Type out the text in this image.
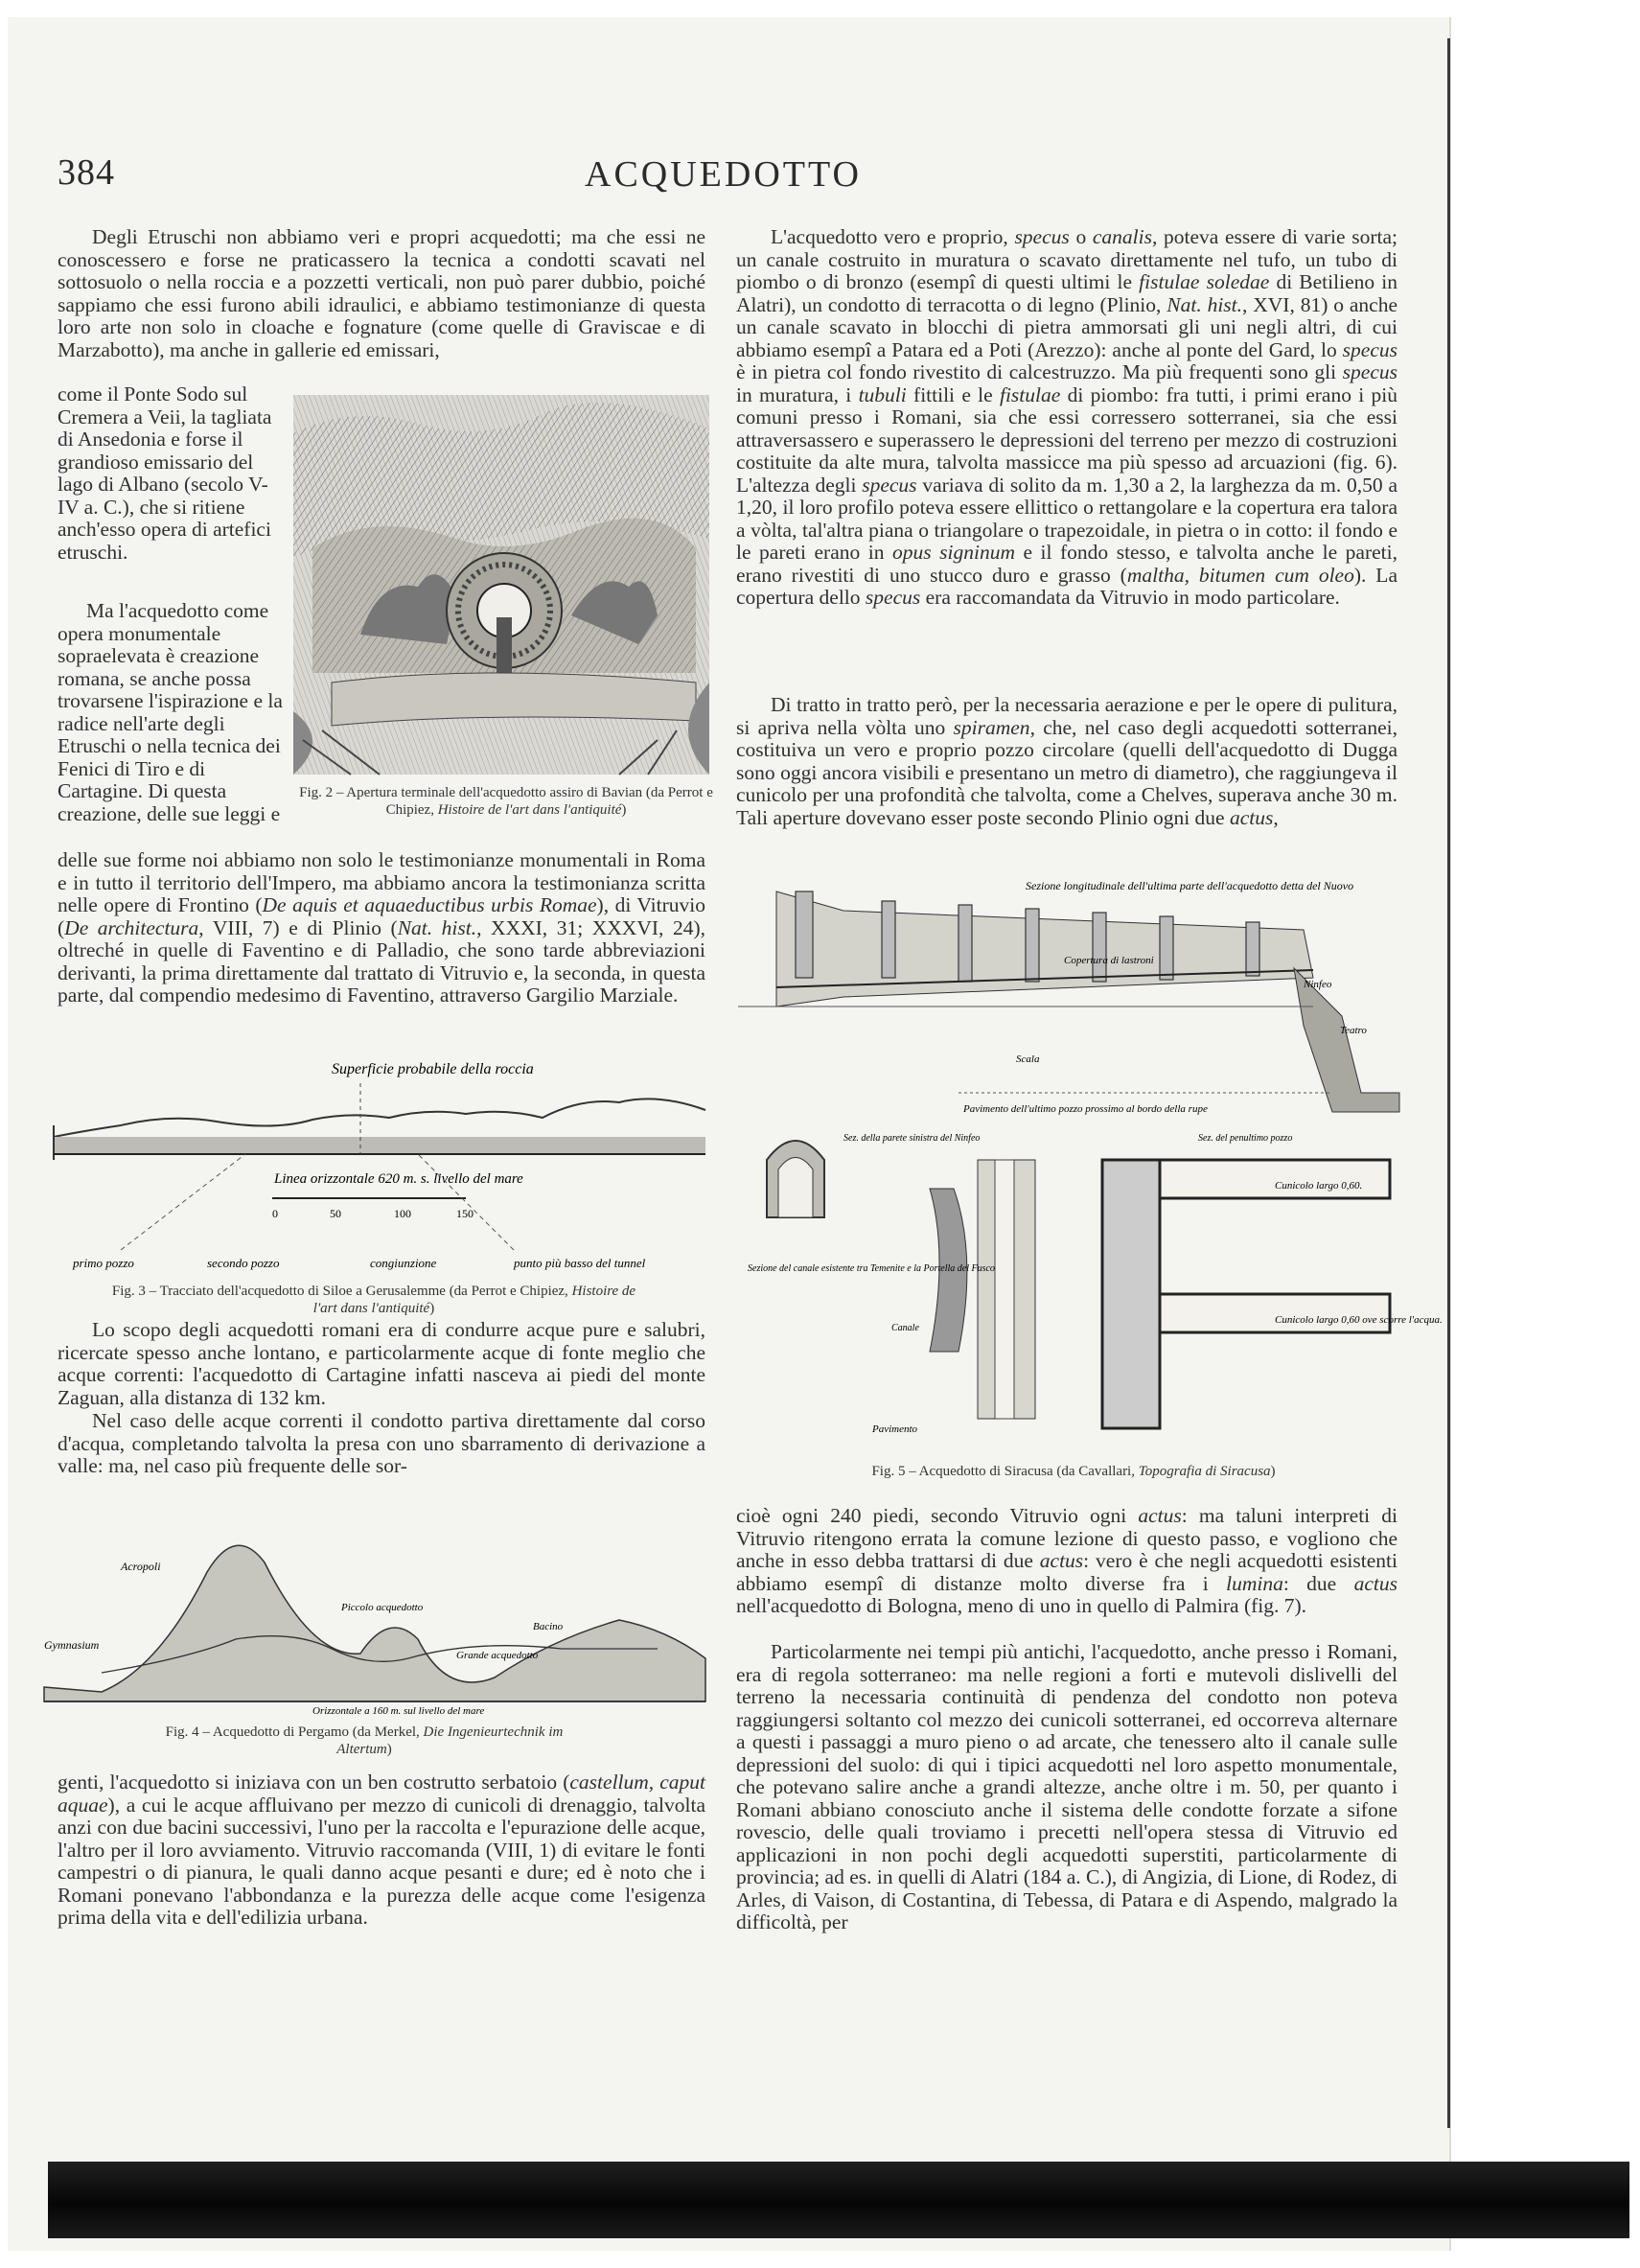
384	ACQUEDOTTO

Degli Etruschi non abbiamo veri e propri acquedotti; ma che essi ne conoscessero e forse ne praticassero la tecnica a condotti scavati nel sottosuolo o nella roccia e a pozzetti verticali, non può parer dubbio, poiché sappiamo che essi furono abili idraulici, e abbiamo testimonianze di questa loro arte non solo in cloache e fognature (come quelle di Graviscae e di Marzabotto), ma anche in gallerie ed emissari,

come il Ponte Sodo sul Cremera a Veii, la tagliata di Ansedonia e forse il grandioso emissario del lago di Albano (secolo V-IV a. C.), che si ritiene anch'esso opera di artefici etruschi.

Ma l'acquedotto come opera monumentale sopraelevata è creazione romana, se anche possa trovarsene l'ispirazione e la radice nell'arte degli Etruschi o nella tecnica dei Fenici di Tiro e di Cartagine. Di questa creazione, delle sue leggi e

delle sue forme noi abbiamo non solo le testimonianze monumentali in Roma e in tutto il territorio dell'Impero, ma abbiamo ancora la testimonianza scritta nelle opere di Frontino (De aquis et aquaeductibus urbis Romae), di Vitruvio (De architectura, VIII, 7) e di Plinio (Nat. hist., XXXI, 31; XXXVI, 24), oltreché in quelle di Faventino e di Palladio, che sono tarde abbreviazioni derivanti, la prima direttamente dal trattato di Vitruvio e, la seconda, in questa parte, dal compendio medesimo di Faventino, attraverso Gargilio Marziale.

Lo scopo degli acquedotti romani era di condurre acque pure e salubri, ricercate spesso anche lontano, e particolarmente acque di fonte meglio che acque correnti: l'acquedotto di Cartagine infatti nasceva ai piedi del monte Zaguan, alla distanza di 132 km.

Nel caso delle acque correnti il condotto partiva direttamente dal corso d'acqua, completando talvolta la presa con uno sbarramento di derivazione a valle: ma, nel caso più frequente delle sor-

genti, l'acquedotto si iniziava con un ben costrutto serbatoio (castellum, caput aquae), a cui le acque affluivano per mezzo di cunicoli di drenaggio, talvolta anzi con due bacini successivi, l'uno per la raccolta e l'epurazione delle acque, l'altro per il loro avviamento. Vitruvio raccomanda (VIII, 1) di evitare le fonti campestri o di pianura, le quali danno acque pesanti e dure; ed è noto che i Romani ponevano l'abbondanza e la purezza delle acque come l'esigenza prima della vita e dell'edilizia urbana.

Fig. 2 – Apertura terminale dell'acquedotto assiro di Bavian (da Perrot e Chipiez, Histoire de l'art dans l'antiquité)

Superficie probabile della roccia
Linea orizzontale 620 m. s. livello del mare
0	50	100	150
primo pozzo	secondo pozzo	congiunzione	punto più basso del tunnel

Fig. 3 – Tracciato dell'acquedotto di Siloe a Gerusalemme (da Perrot e Chipiez, Histoire de l'art dans l'antiquité)

Acropoli
Gymnasium
Piccolo acquedotto
Grande acquedotto
Bacino
Orizzontale a 160 m. sul livello del mare

Fig. 4 – Acquedotto di Pergamo (da Merkel, Die Ingenieurtechnik im Altertum)

L'acquedotto vero e proprio, specus o canalis, poteva essere di varie sorta; un canale costruito in muratura o scavato direttamente nel tufo, un tubo di piombo o di bronzo (esempî di questi ultimi le fistulae soledae di Betilieno in Alatri), un condotto di terracotta o di legno (Plinio, Nat. hist., XVI, 81) o anche un canale scavato in blocchi di pietra ammorsati gli uni negli altri, di cui abbiamo esempî a Patara ed a Poti (Arezzo): anche al ponte del Gard, lo specus è in pietra col fondo rivestito di calcestruzzo. Ma più frequenti sono gli specus in muratura, i tubuli fittili e le fistulae di piombo: fra tutti, i primi erano i più comuni presso i Romani, sia che essi corressero sotterranei, sia che essi attraversassero e superassero le depressioni del terreno per mezzo di costruzioni costituite da alte mura, talvolta massicce ma più spesso ad arcuazioni (fig. 6). L'altezza degli specus variava di solito da m. 1,30 a 2, la larghezza da m. 0,50 a 1,20, il loro profilo poteva essere ellittico o rettangolare e la copertura era talora a vòlta, tal'altra piana o triangolare o trapezoidale, in pietra o in cotto: il fondo e le pareti erano in opus signinum e il fondo stesso, e talvolta anche le pareti, erano rivestiti di uno stucco duro e grasso (maltha, bitumen cum oleo). La copertura dello specus era raccomandata da Vitruvio in modo particolare.

Di tratto in tratto però, per la necessaria aerazione e per le opere di pulitura, si apriva nella vòlta uno spiramen, che, nel caso degli acquedotti sotterranei, costituiva un vero e proprio pozzo circolare (quelli dell'acquedotto di Dugga sono oggi ancora visibili e presentano un metro di diametro), che raggiungeva il cunicolo per una profondità che talvolta, come a Chelves, superava anche 30 m. Tali aperture dovevano esser poste secondo Plinio ogni due actus,

Sezione longitudinale dell'ultima parte dell'acquedotto detta del Nuovo
Copertura di lastroni
Ninfeo
Teatro
Scala
Pavimento dell'ultimo pozzo prossimo al bordo della rupe
Sezione del canale esistente tra Temenite e la Portella del Fusco
Sez. della parete sinistra del Ninfeo
Canale
Sez. del penultimo pozzo
Cunicolo largo 0,60.
Cunicolo largo 0,60 ove scorre l'acqua.
Pavimento

Fig. 5 – Acquedotto di Siracusa (da Cavallari, Topografia di Siracusa)

cioè ogni 240 piedi, secondo Vitruvio ogni actus: ma taluni interpreti di Vitruvio ritengono errata la comune lezione di questo passo, e vogliono che anche in esso debba trattarsi di due actus: vero è che negli acquedotti esistenti abbiamo esempî di distanze molto diverse fra i lumina: due actus nell'acquedotto di Bologna, meno di uno in quello di Palmira (fig. 7).

Particolarmente nei tempi più antichi, l'acquedotto, anche presso i Romani, era di regola sotterraneo: ma nelle regioni a forti e mutevoli dislivelli del terreno la necessaria continuità di pendenza del condotto non poteva raggiungersi soltanto col mezzo dei cunicoli sotterranei, ed occorreva alternare a questi i passaggi a muro pieno o ad arcate, che tenessero alto il canale sulle depressioni del suolo: di qui i tipici acquedotti nel loro aspetto monumentale, che potevano salire anche a grandi altezze, anche oltre i m. 50, per quanto i Romani abbiano conosciuto anche il sistema delle condotte forzate a sifone rovescio, delle quali troviamo i precetti nell'opera stessa di Vitruvio ed applicazioni in non pochi degli acquedotti superstiti, particolarmente di provincia; ad es. in quelli di Alatri (184 a. C.), di Angizia, di Lione, di Rodez, di Arles, di Vaison, di Costantina, di Tebessa, di Patara e di Aspendo, malgrado la difficoltà, per
